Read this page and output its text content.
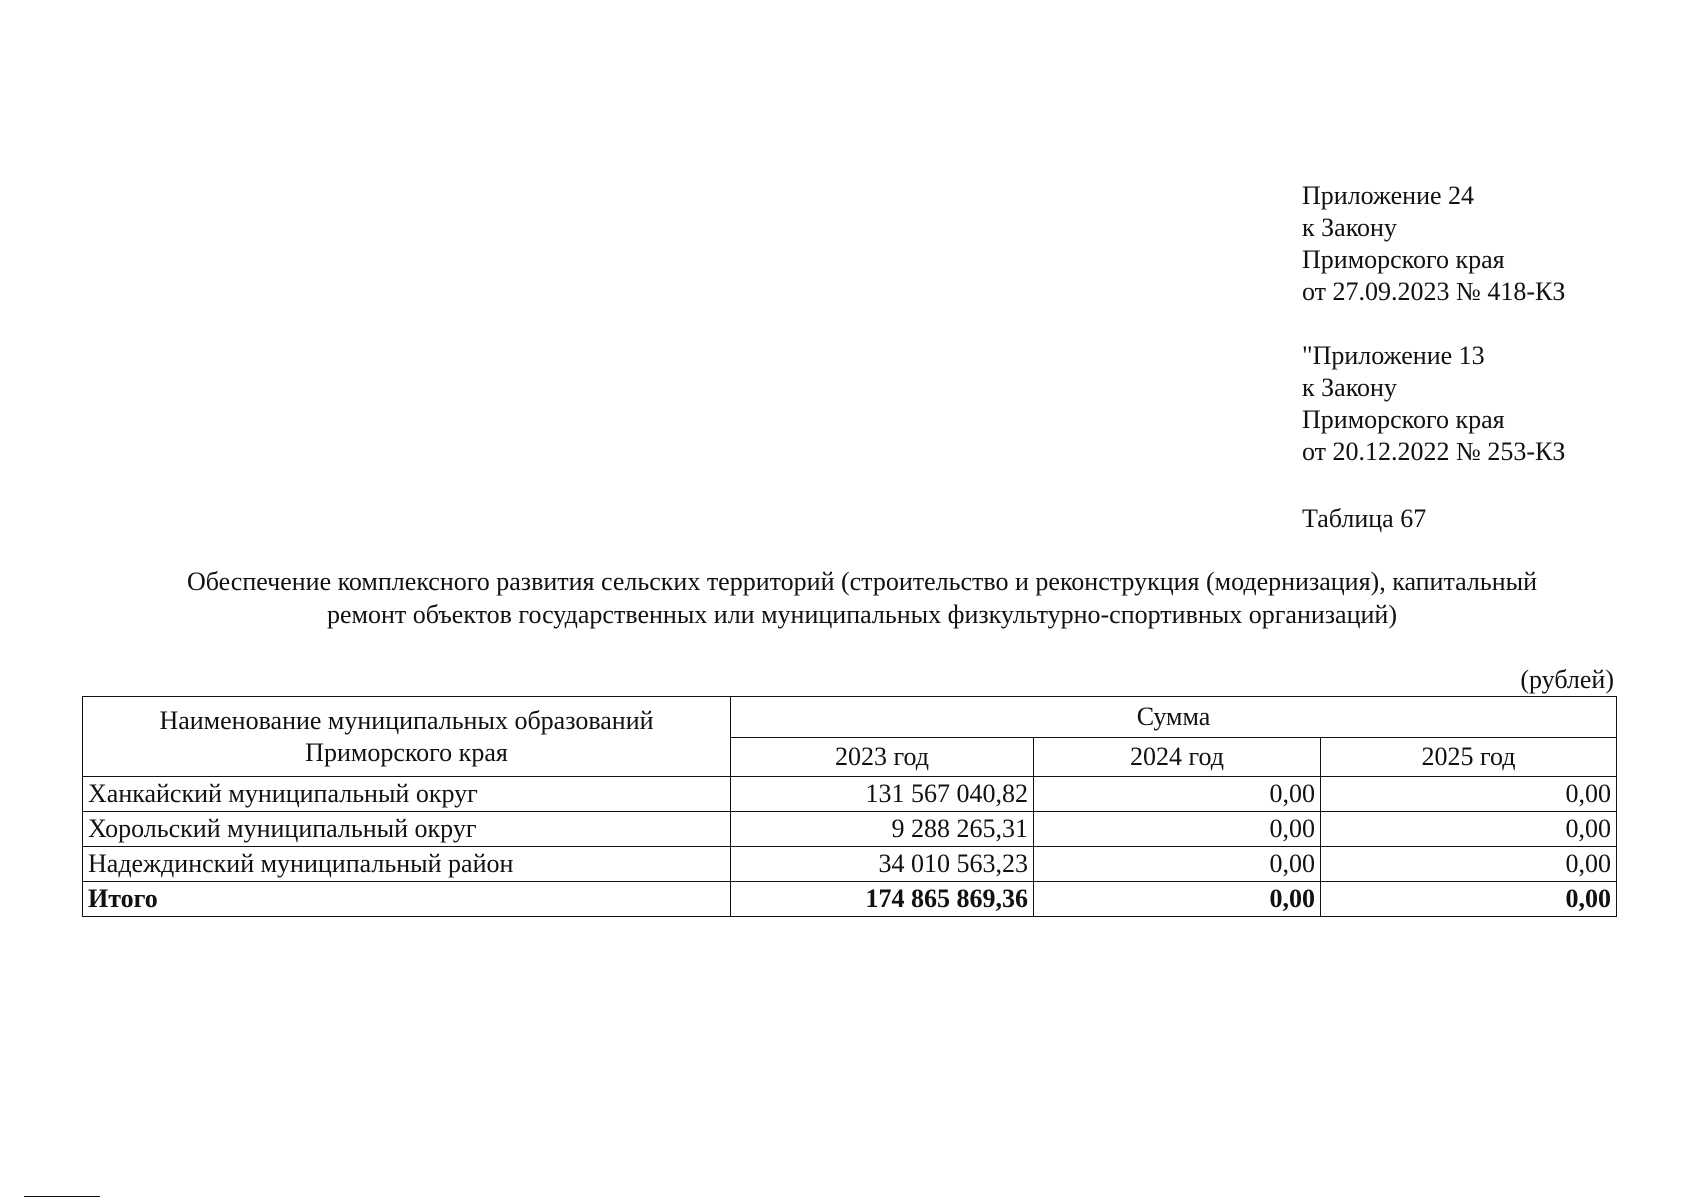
Приложение 24
к Закону
Приморского края
от 27.09.2023 № 418-КЗ
"Приложение 13
к Закону
Приморского края
от 20.12.2022 № 253-КЗ
Таблица 67
Обеспечение комплексного развития сельских территорий (строительство и реконструкция (модернизация), капитальный
ремонт объектов государственных или муниципальных физкультурно-спортивных организаций)
(рублей)
Наименование муниципальных образований
Приморского края	Сумма		
	2023 год	2024 год	2025 год
Ханкайский муниципальный округ	131 567 040,82	0,00	0,00
Хорольский муниципальный округ	9 288 265,31	0,00	0,00
Надеждинский муниципальный район	34 010 563,23	0,00	0,00
Итого	174 865 869,36	0,00	0,00
